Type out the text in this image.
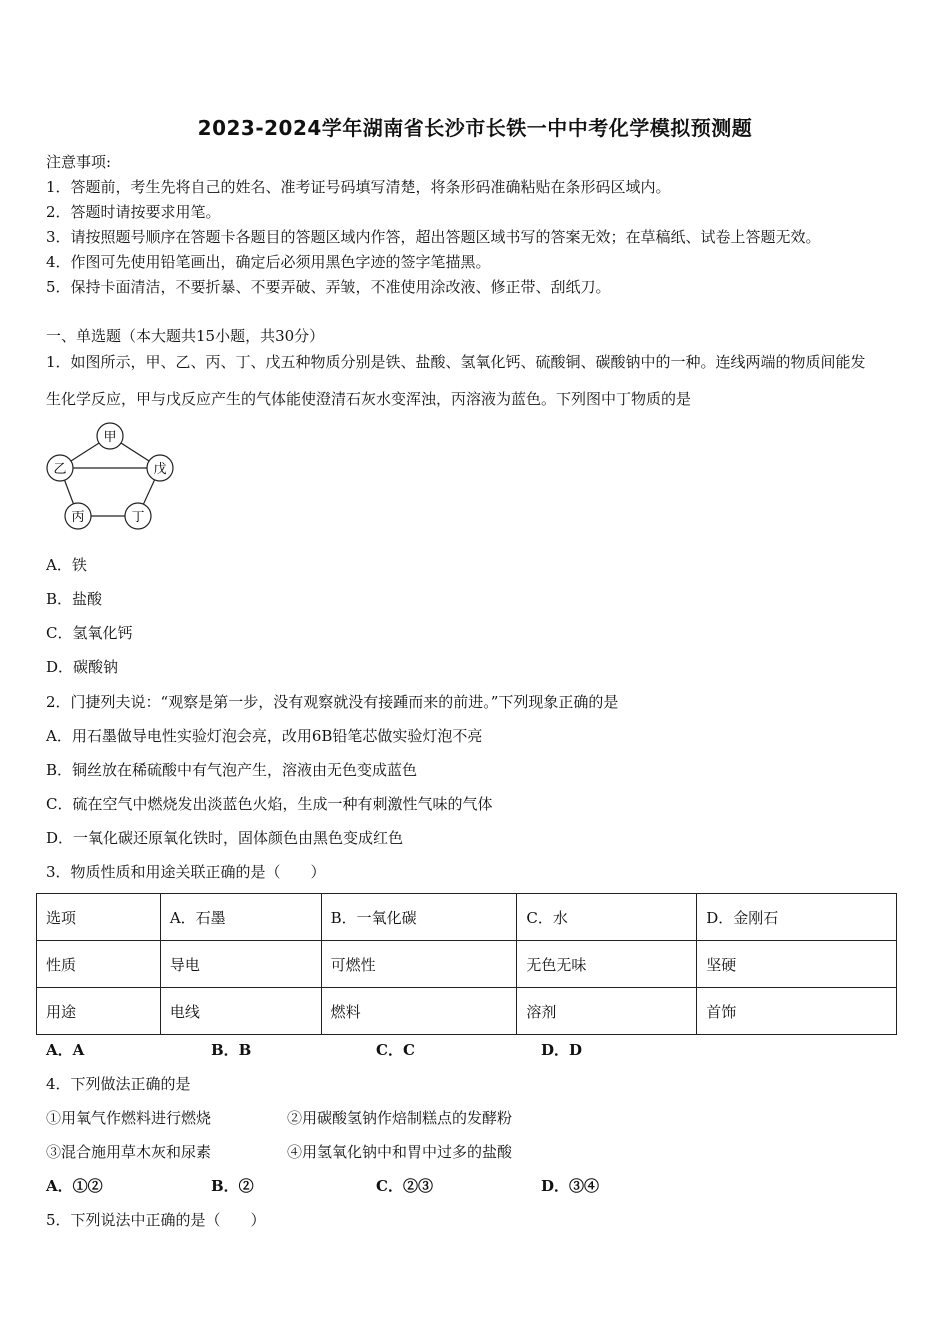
2023-2024学年湖南省长沙市长铁一中中考化学模拟预测题
注意事项:
1．答题前，考生先将自己的姓名、准考证号码填写清楚，将条形码准确粘贴在条形码区域内。
2．答题时请按要求用笔。
3．请按照题号顺序在答题卡各题目的答题区域内作答，超出答题区域书写的答案无效；在草稿纸、试卷上答题无效。
4．作图可先使用铅笔画出，确定后必须用黑色字迹的签字笔描黑。
5．保持卡面清洁，不要折暴、不要弄破、弄皱，不准使用涂改液、修正带、刮纸刀。
一、单选题（本大题共15小题，共30分）
1．如图所示，甲、乙、丙、丁、戊五种物质分别是铁、盐酸、氢氧化钙、硫酸铜、碳酸钠中的一种。连线两端的物质间能发
生化学反应，甲与戊反应产生的气体能使澄清石灰水变浑浊，丙溶液为蓝色。下列图中丁物质的是
甲
乙	戊
丙	丁
A．铁
B．盐酸
C．氢氧化钙
D．碳酸钠
2．门捷列夫说：“观察是第一步，没有观察就没有接踵而来的前进。”下列现象正确的是
A．用石墨做导电性实验灯泡会亮，改用6B铅笔芯做实验灯泡不亮
B．铜丝放在稀硫酸中有气泡产生，溶液由无色变成蓝色
C．硫在空气中燃烧发出淡蓝色火焰，生成一种有刺激性气味的气体
D．一氧化碳还原氧化铁时，固体颜色由黑色变成红色
3．物质性质和用途关联正确的是（　　）
选项	A．石墨	B．一氧化碳	C．水	D．金刚石
性质	导电	可燃性	无色无味	坚硬
用途	电线	燃料	溶剂	首饰
A．A	B．B	C．C	D．D
4．下列做法正确的是
①用氧气作燃料进行燃烧	②用碳酸氢钠作焙制糕点的发酵粉
③混合施用草木灰和尿素	④用氢氧化钠中和胃中过多的盐酸
A．①②	B．②	C．②③	D．③④
5．下列说法中正确的是（　　）
